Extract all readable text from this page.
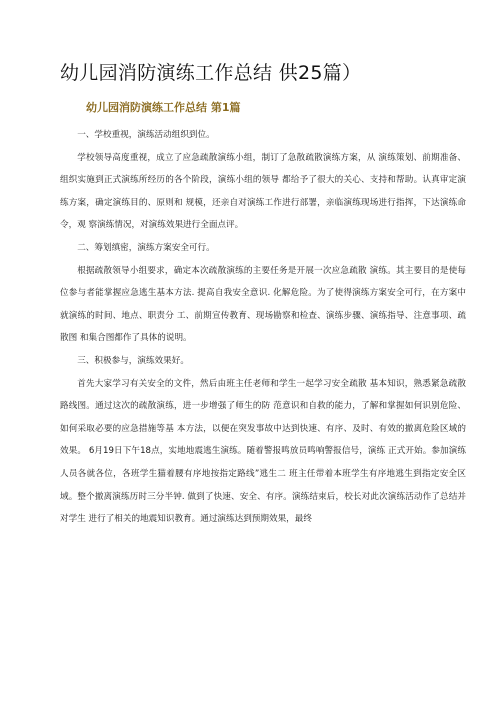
幼儿园消防演练工作总结 供25篇）
幼儿园消防演练工作总结 第1篇

一、学校重视，演练活动组织到位。

学校领导高度重视，成立了应急疏散演练小组，制订了急散疏散演练方案，从 演练策划、前期准备、组织实施到正式演练所经历的各个阶段，演练小组的领导 都给予了很大的关心、支持和帮助。认真审定演练方案，确定演练目的、原则和 规模，还亲自对演练工作进行部署，亲临演练现场进行指挥，下达演练命令，观 察演练情况，对演练效果进行全面点评。

二、筹划缜密，演练方案安全可行。

根据疏散领导小组要求，确定本次疏散演练的主要任务是开展一次应急疏散 演练。其主要目的是使每位参与者能掌握应急逃生基本方法. 提高自我安全意识. 化解危险。为了使得演练方案安全可行，在方案中就演练的时间、地点、职责分 工、前期宣传教育、现场勘察和检查、演练步骤、演练指导、注意事项、疏散图 和集合图都作了具体的说明。

三、积极参与，演练效果好。

首先大家学习有关安全的文件，然后由班主任老师和学生一起学习安全疏散 基本知识，熟悉紧急疏散路线图。通过这次的疏散演练，进一步增强了师生的防 范意识和自救的能力，了解和掌握如何识别危险、如何采取必要的应急措施等基 本方法，以便在突发事故中达到快速、有序、及时、有效的撤离危险区域的效果。 6月19日下午18点，实地地震逃生演练。随着警报鸣放员鸣响警报信号，演练 正式开始。参加演练人员各就各位，各班学生猫着腰有序地按指定路线”逃生二 班主任带着本班学生有序地逃生到指定安全区域。整个撤离演练历时三分半钟. 做到了快速、安全、有序。演练结束后，校长对此次演练活动作了总结并对学生 进行了相关的地震知识教育。通过演练达到预期效果，最终
